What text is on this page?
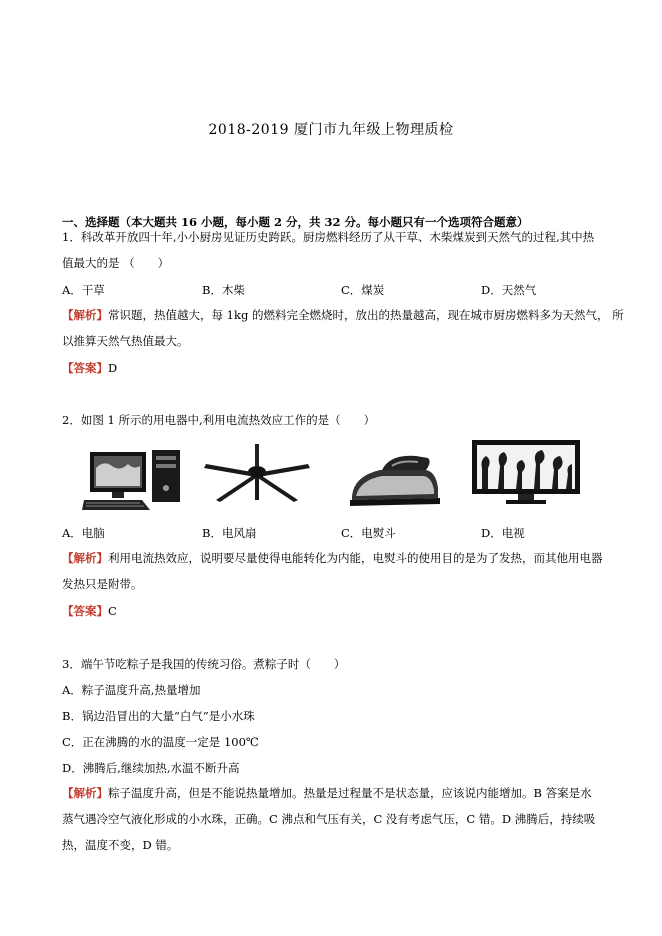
2018-2019 厦门市九年级上物理质检
一、选择题（本大题共 16 小题，每小题 2 分，共 32 分。每小题只有一个选项符合题意）
1．科改革开放四十年,小小厨房见证历史跨跃。厨房燃料经历了从干草、木柴煤炭到天然气的过程,其中热
值最大的是 （　　）
A．干草	B．木柴	C．煤炭	D．天然气
【解析】常识题，热值越大，每 1kg 的燃料完全燃烧时，放出的热量越高，现在城市厨房燃料多为天然气， 所
以推算天然气热值最大。
【答案】D
2．如图 1 所示的用电器中,利用电流热效应工作的是（　　）
A．电脑	B．电风扇	C．电熨斗	D．电视
【解析】利用电流热效应，说明要尽量使得电能转化为内能，电熨斗的使用目的是为了发热，而其他用电器
发热只是附带。
【答案】C
3．端午节吃粽子是我国的传统习俗。煮粽子时（　　）
A．粽子温度升高,热量增加
B．锅边沿冒出的大量“白气”是小水珠
C．正在沸腾的水的温度一定是 100℃
D．沸腾后,继续加热,水温不断升高
【解析】粽子温度升高，但是不能说热量增加。热量是过程量不是状态量，应该说内能增加。B 答案是水
蒸气遇冷空气液化形成的小水珠，正确。C 沸点和气压有关，C 没有考虑气压，C 错。D 沸腾后，持续吸
热，温度不变，D 错。
